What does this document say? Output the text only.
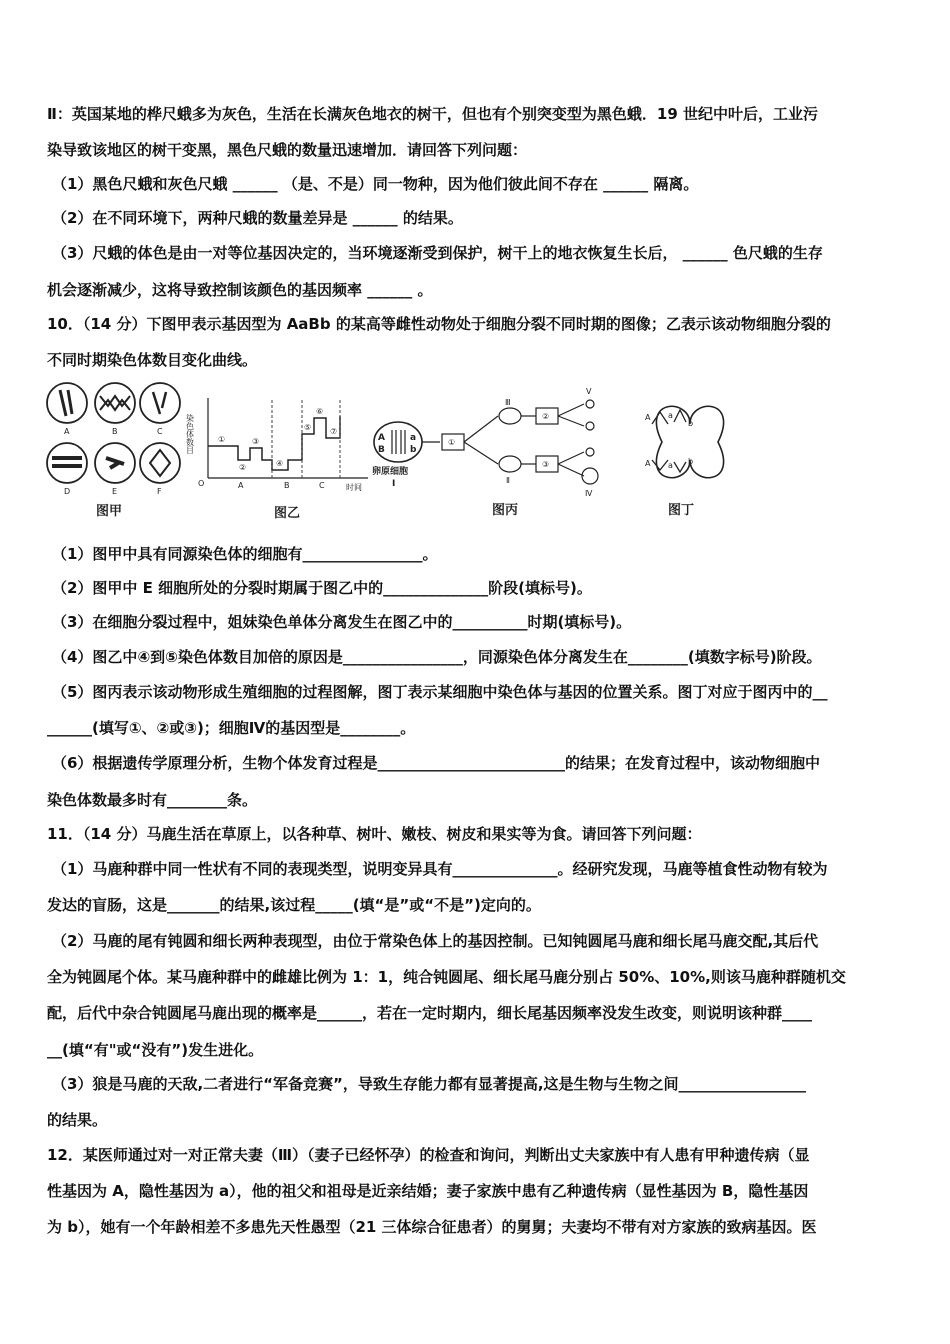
Ⅱ：英国某地的桦尺蛾多为灰色，生活在长满灰色地衣的树干，但也有个别突变型为黑色蛾．19 世纪中叶后，工业污
染导致该地区的树干变黑，黑色尺蛾的数量迅速增加．请回答下列问题：
（1）黑色尺蛾和灰色尺蛾 ______ （是、不是）同一物种，因为他们彼此间不存在 ______ 隔离。
（2）在不同环境下，两种尺蛾的数量差异是 ______ 的结果。
（3）尺蛾的体色是由一对等位基因决定的，当环境逐渐受到保护，树干上的地衣恢复生长后， ______ 色尺蛾的生存
机会逐渐减少，这将导致控制该颜色的基因频率 ______ 。
10．（14 分）下图甲表示基因型为 AaBb 的某高等雌性动物处于细胞分裂不同时期的图像；乙表示该动物细胞分裂的
不同时期染色体数目变化曲线。
A	B	C
D	E	F
图甲
染色体数目
O	时间
①
②
③
④
⑤
⑥
⑦
A	B	C
图乙
A	a
B	b
卵原细胞
Ⅰ
①
Ⅲ
Ⅱ
②
③
Ⅴ
Ⅳ
图丙
A a
b
A a b
图丁
（1）图甲中具有同源染色体的细胞有________________。
（2）图甲中 E 细胞所处的分裂时期属于图乙中的______________阶段(填标号)。
（3）在细胞分裂过程中，姐妹染色单体分离发生在图乙中的__________时期(填标号)。
（4）图乙中④到⑤染色体数目加倍的原因是________________，同源染色体分离发生在________(填数字标号)阶段。
（5）图丙表示该动物形成生殖细胞的过程图解，图丁表示某细胞中染色体与基因的位置关系。图丁对应于图丙中的__
______(填写①、②或③)；细胞Ⅳ的基因型是________。
（6）根据遗传学原理分析，生物个体发育过程是_________________________的结果；在发育过程中，该动物细胞中
染色体数最多时有________条。
11．（14 分）马鹿生活在草原上，以各种草、树叶、嫩枝、树皮和果实等为食。请回答下列问题：
（1）马鹿种群中同一性状有不同的表现类型，说明变异具有______________。经研究发现，马鹿等植食性动物有较为
发达的盲肠，这是_______的结果,该过程_____(填“是”或“不是”)定向的。
（2）马鹿的尾有钝圆和细长两种表现型，由位于常染色体上的基因控制。已知钝圆尾马鹿和细长尾马鹿交配,其后代
全为钝圆尾个体。某马鹿种群中的雌雄比例为 1：1，纯合钝圆尾、细长尾马鹿分别占 50%、10%,则该马鹿种群随机交
配，后代中杂合钝圆尾马鹿出现的概率是______，若在一定时期内，细长尾基因频率没发生改变，则说明该种群____
__(填“有"或“没有”)发生进化。
（3）狼是马鹿的天敌,二者进行“军备竞赛”，导致生存能力都有显著提高,这是生物与生物之间_________________
的结果。
12．某医师通过对一对正常夫妻（Ⅲ）（妻子已经怀孕）的检查和询问，判断出丈夫家族中有人患有甲种遗传病（显
性基因为 A，隐性基因为 a），他的祖父和祖母是近亲结婚；妻子家族中患有乙种遗传病（显性基因为 B，隐性基因
为 b），她有一个年龄相差不多患先天性愚型（21 三体综合征患者）的舅舅；夫妻均不带有对方家族的致病基因。医
